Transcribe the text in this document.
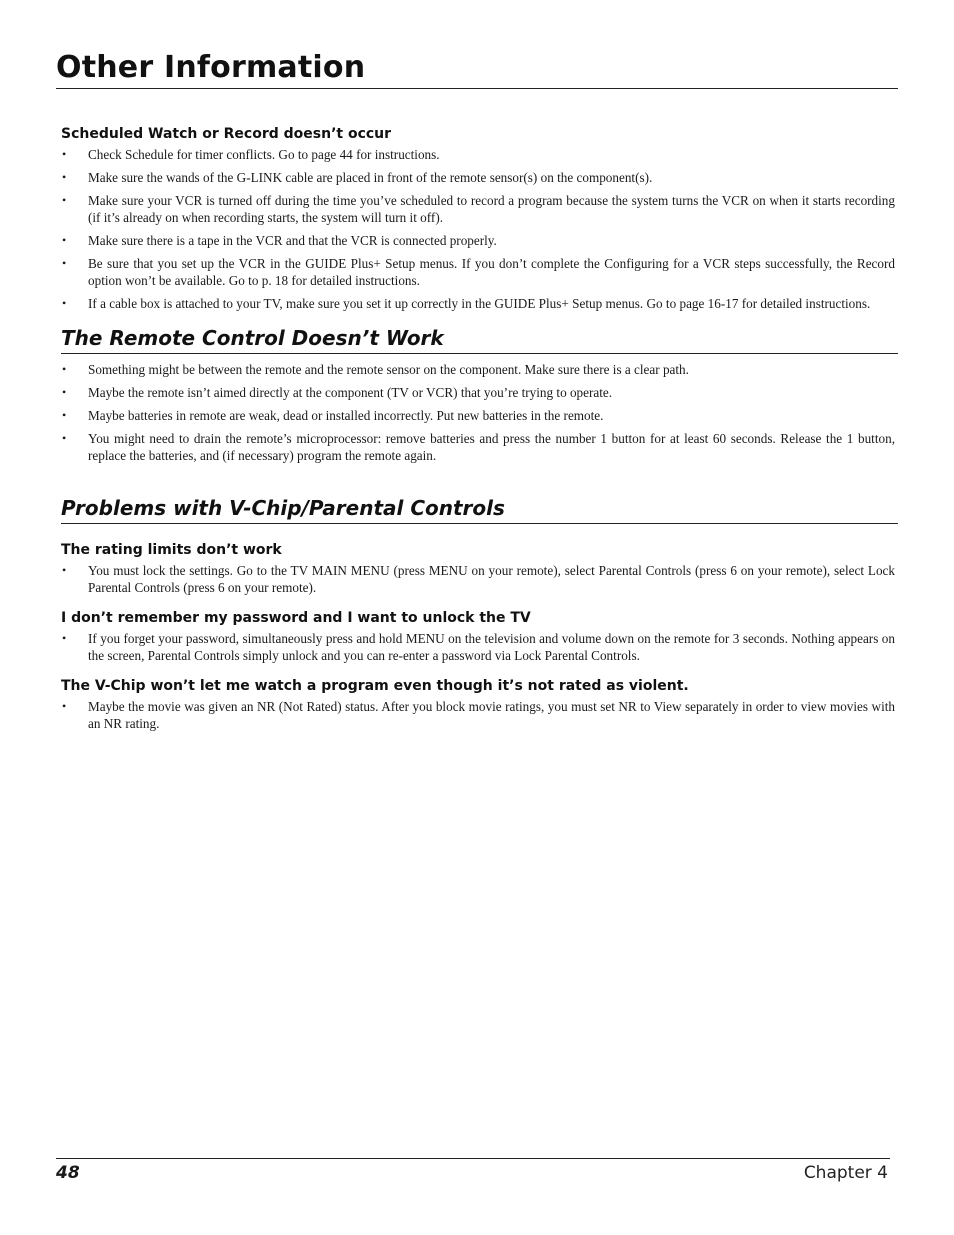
Other Information
Scheduled Watch or Record doesn’t occur
• Check Schedule for timer conflicts. Go to page 44 for instructions.
• Make sure the wands of the G-LINK cable are placed in front of the remote sensor(s) on the component(s).
• Make sure your VCR is turned off during the time you’ve scheduled to record a program because the system turns the VCR on when it starts recording (if it’s already on when recording starts, the system will turn it off).
• Make sure there is a tape in the VCR and that the VCR is connected properly.
• Be sure that you set up the VCR in the GUIDE Plus+ Setup menus. If you don’t complete the Configuring for a VCR steps successfully, the Record option won’t be available. Go to p. 18 for detailed instructions.
• If a cable box is attached to your TV, make sure you set it up correctly in the GUIDE Plus+ Setup menus. Go to page 16-17 for detailed instructions.
The Remote Control Doesn’t Work
• Something might be between the remote and the remote sensor on the component. Make sure there is a clear path.
• Maybe the remote isn’t aimed directly at the component (TV or VCR) that you’re trying to operate.
• Maybe batteries in remote are weak, dead or installed incorrectly. Put new batteries in the remote.
• You might need to drain the remote’s microprocessor: remove batteries and press the number 1 button for at least 60 seconds. Release the 1 button, replace the batteries, and (if necessary) program the remote again.
Problems with V-Chip/Parental Controls
The rating limits don’t work
• You must lock the settings. Go to the TV MAIN MENU (press MENU on your remote), select Parental Controls (press 6 on your remote), select Lock Parental Controls (press 6 on your remote).
I don’t remember my password and I want to unlock the TV
• If you forget your password, simultaneously press and hold MENU on the television and volume down on the remote for 3 seconds. Nothing appears on the screen, Parental Controls simply unlock and you can re-enter a password via Lock Parental Controls.
The V-Chip won’t let me watch a program even though it’s not rated as violent.
• Maybe the movie was given an NR (Not Rated) status. After you block movie ratings, you must set NR to View separately in order to view movies with an NR rating.
48	Chapter 4
